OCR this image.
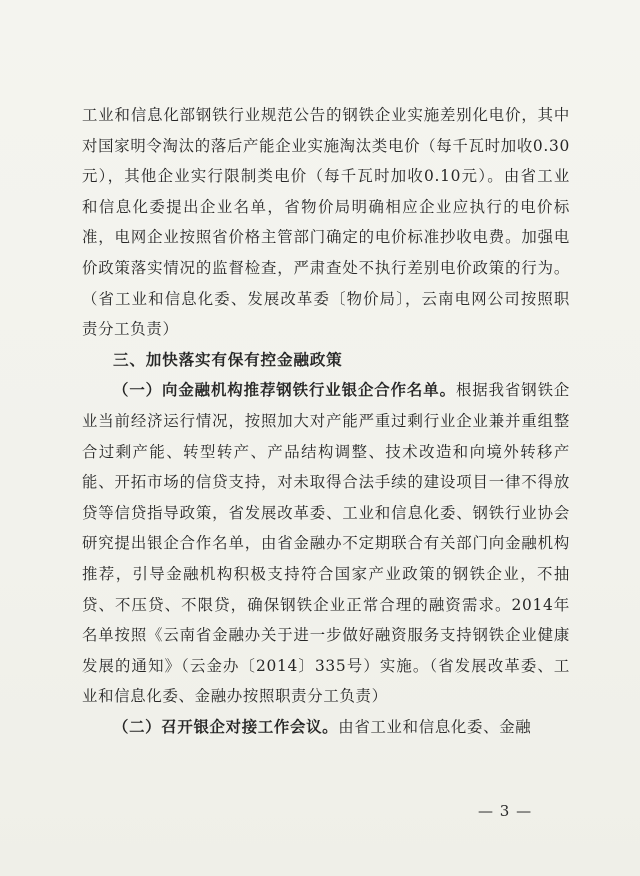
工业和信息化部钢铁行业规范公告的钢铁企业实施差别化电价，其中对国家明令淘汰的落后产能企业实施淘汰类电价（每千瓦时加收0.30元），其他企业实行限制类电价（每千瓦时加收0.10元）。由省工业和信息化委提出企业名单，省物价局明确相应企业应执行的电价标准，电网企业按照省价格主管部门确定的电价标准抄收电费。加强电价政策落实情况的监督检查，严肃查处不执行差别电价政策的行为。（省工业和信息化委、发展改革委〔物价局〕，云南电网公司按照职责分工负责）

三、加快落实有保有控金融政策

（一）向金融机构推荐钢铁行业银企合作名单。根据我省钢铁企业当前经济运行情况，按照加大对产能严重过剩行业企业兼并重组整合过剩产能、转型转产、产品结构调整、技术改造和向境外转移产能、开拓市场的信贷支持，对未取得合法手续的建设项目一律不得放贷等信贷指导政策，省发展改革委、工业和信息化委、钢铁行业协会研究提出银企合作名单，由省金融办不定期联合有关部门向金融机构推荐，引导金融机构积极支持符合国家产业政策的钢铁企业，不抽贷、不压贷、不限贷，确保钢铁企业正常合理的融资需求。2014年名单按照《云南省金融办关于进一步做好融资服务支持钢铁企业健康发展的通知》（云金办〔2014〕335号）实施。（省发展改革委、工业和信息化委、金融办按照职责分工负责）

（二）召开银企对接工作会议。由省工业和信息化委、金融

— 3 —
